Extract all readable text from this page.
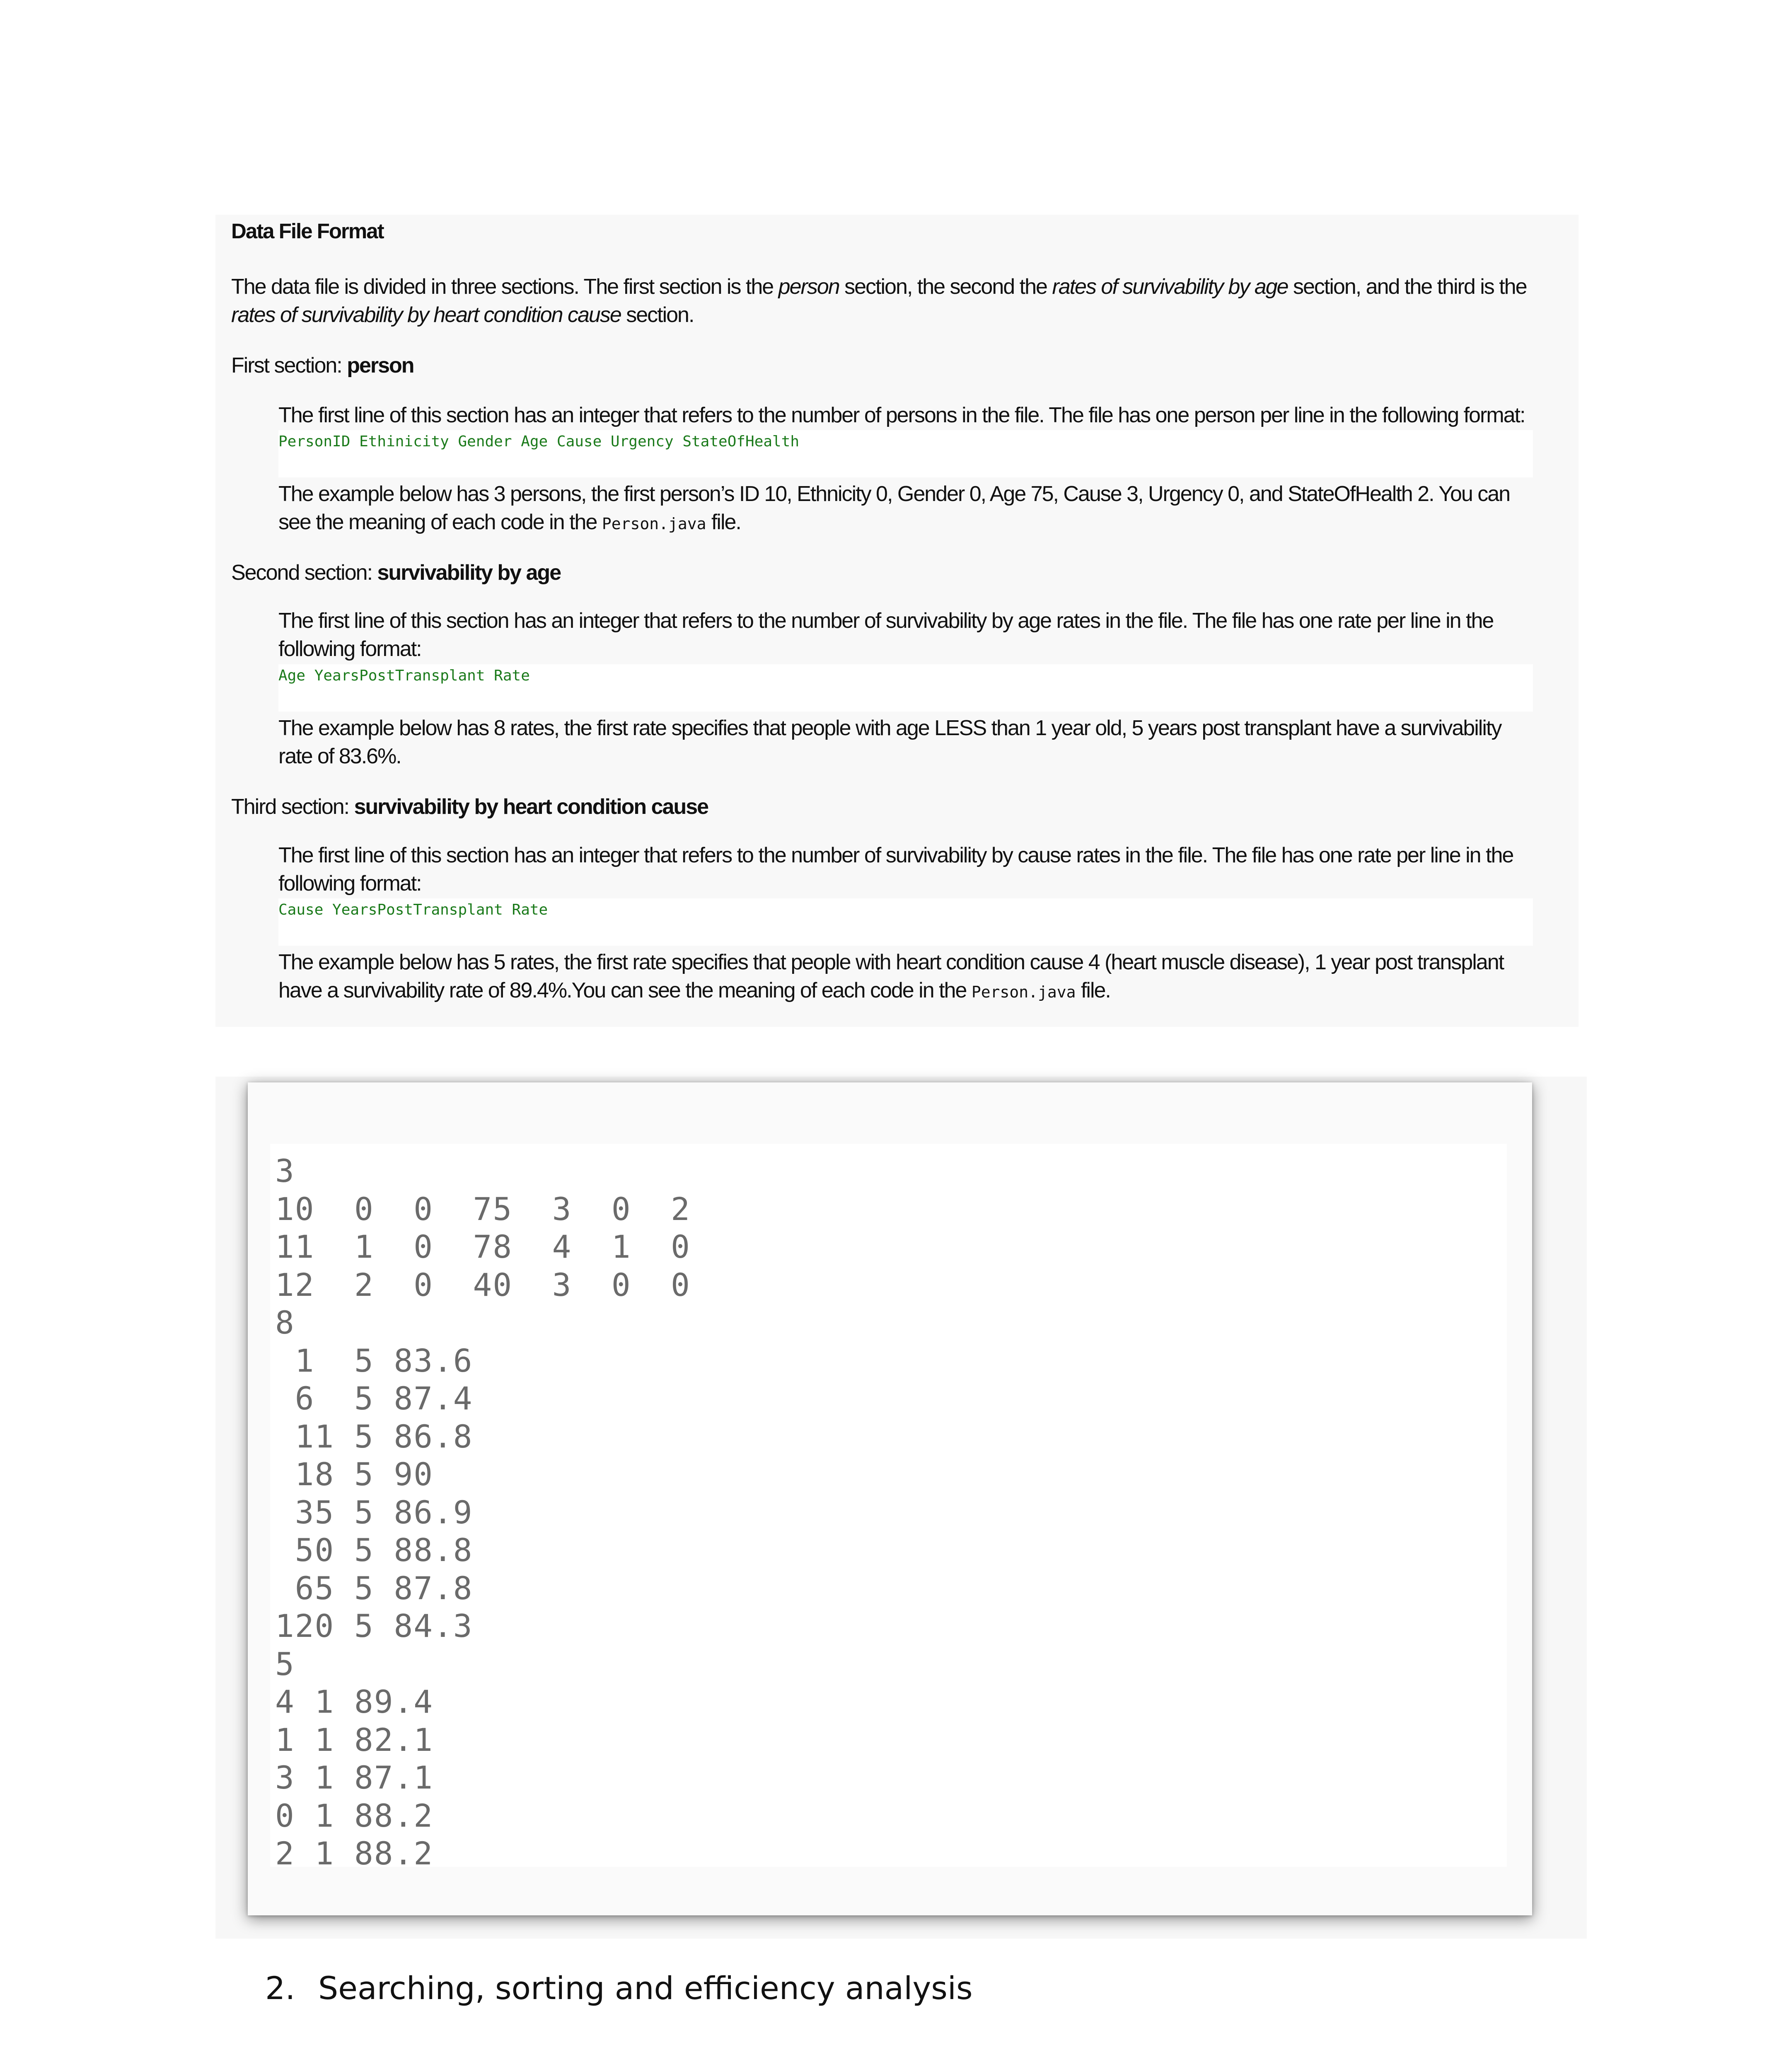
Data File Format
The data file is divided in three sections. The first section is the person section, the second the rates of survivability by age section, and the third is the rates of survivability by heart condition cause section.
First section: person
The first line of this section has an integer that refers to the number of persons in the file. The file has one person per line in the following format:
PersonID Ethinicity Gender Age Cause Urgency StateOfHealth
The example below has 3 persons, the first person’s ID 10, Ethnicity 0, Gender 0, Age 75, Cause 3, Urgency 0, and StateOfHealth 2. You can see the meaning of each code in the Person.java file.
Second section: survivability by age
The first line of this section has an integer that refers to the number of survivability by age rates in the file. The file has one rate per line in the following format:
Age YearsPostTransplant Rate
The example below has 8 rates, the first rate specifies that people with age LESS than 1 year old, 5 years post transplant have a survivability rate of 83.6%.
Third section: survivability by heart condition cause
The first line of this section has an integer that refers to the number of survivability by cause rates in the file. The file has one rate per line in the following format:
Cause YearsPostTransplant Rate
The example below has 5 rates, the first rate specifies that people with heart condition cause 4 (heart muscle disease), 1 year post transplant have a survivability rate of 89.4%.You can see the meaning of each code in the Person.java file.
3
10  0  0  75  3  0  2
11  1  0  78  4  1  0
12  2  0  40  3  0  0
8
1  5 83.6
6  5 87.4
11 5 86.8
18 5 90
35 5 86.9
50 5 88.8
65 5 87.8
120 5 84.3
5
4 1 89.4
1 1 82.1
3 1 87.1
0 1 88.2
2 1 88.2
2. Searching, sorting and efficiency analysis
